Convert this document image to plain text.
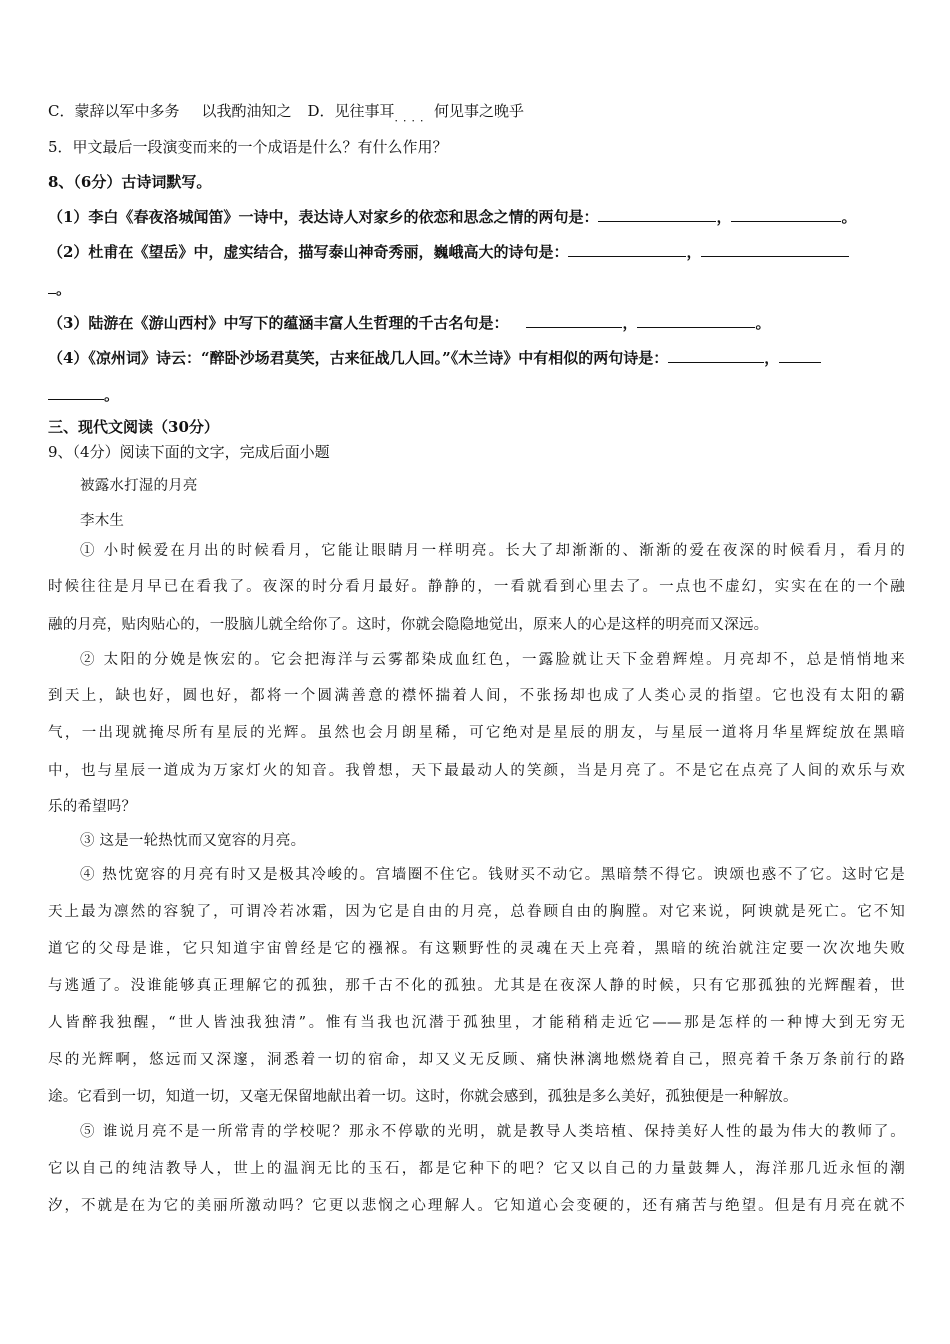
C．蒙辞以军中多务 以我酌油知之 D．见往事耳$_{....}$何见事之晚乎
5．甲文最后一段演变而来的一个成语是什么？有什么作用？
8、（6分）古诗词默写。
（1）李白《春夜洛城闻笛》一诗中，表达诗人对家乡的依恋和思念之情的两句是：	，	。
（2）杜甫在《望岳》中，虚实结合，描写泰山神奇秀丽，巍峨高大的诗句是：	，
。
（3）陆游在《游山西村》中写下的蕴涵丰富人生哲理的千古名句是：	，	。
（4）《凉州词》诗云：“醉卧沙场君莫笑，古来征战几人回。”《木兰诗》中有相似的两句诗是：	，
。
三、现代文阅读（30分）
9、（4分）阅读下面的文字，完成后面小题
被露水打湿的月亮
李木生
① 小时候爱在月出的时候看月，它能让眼睛月一样明亮。长大了却渐渐的、渐渐的爱在夜深的时候看月，看月的
时候往往是月早已在看我了。夜深的时分看月最好。静静的，一看就看到心里去了。一点也不虚幻，实实在在的一个融
融的月亮，贴肉贴心的，一股脑儿就全给你了。这时，你就会隐隐地觉出，原来人的心是这样的明亮而又深远。
② 太阳的分娩是恢宏的。它会把海洋与云雾都染成血红色，一露脸就让天下金碧辉煌。月亮却不，总是悄悄地来
到天上，缺也好，圆也好，都将一个圆满善意的襟怀揣着人间，不张扬却也成了人类心灵的指望。它也没有太阳的霸
气，一出现就掩尽所有星辰的光辉。虽然也会月朗星稀，可它绝对是星辰的朋友，与星辰一道将月华星辉绽放在黑暗
中，也与星辰一道成为万家灯火的知音。我曾想，天下最最动人的笑颜，当是月亮了。不是它在点亮了人间的欢乐与欢
乐的希望吗？
③ 这是一轮热忱而又宽容的月亮。
④ 热忱宽容的月亮有时又是极其冷峻的。宫墙圈不住它。钱财买不动它。黑暗禁不得它。谀颂也惑不了它。这时它是
天上最为凛然的容貌了，可谓冷若冰霜，因为它是自由的月亮，总眷顾自由的胸膛。对它来说，阿谀就是死亡。它不知
道它的父母是谁，它只知道宇宙曾经是它的襁褓。有这颗野性的灵魂在天上亮着，黑暗的统治就注定要一次次地失败
与逃遁了。没谁能够真正理解它的孤独，那千古不化的孤独。尤其是在夜深人静的时候，只有它那孤独的光辉醒着，世
人皆醉我独醒，“世人皆浊我独清”。惟有当我也沉潜于孤独里，才能稍稍走近它——那是怎样的一种博大到无穷无
尽的光辉啊，悠远而又深邃，洞悉着一切的宿命，却又义无反顾、痛快淋漓地燃烧着自己，照亮着千条万条前行的路
途。它看到一切，知道一切，又毫无保留地献出着一切。这时，你就会感到，孤独是多么美好，孤独便是一种解放。
⑤ 谁说月亮不是一所常青的学校呢？那永不停歇的光明，就是教导人类培植、保持美好人性的最为伟大的教师了。
它以自己的纯洁教导人，世上的温润无比的玉石，都是它种下的吧？它又以自己的力量鼓舞人，海洋那几近永恒的潮
汐，不就是在为它的美丽所激动吗？它更以悲悯之心理解人。它知道心会变硬的，还有痛苦与绝望。但是有月亮在就不
